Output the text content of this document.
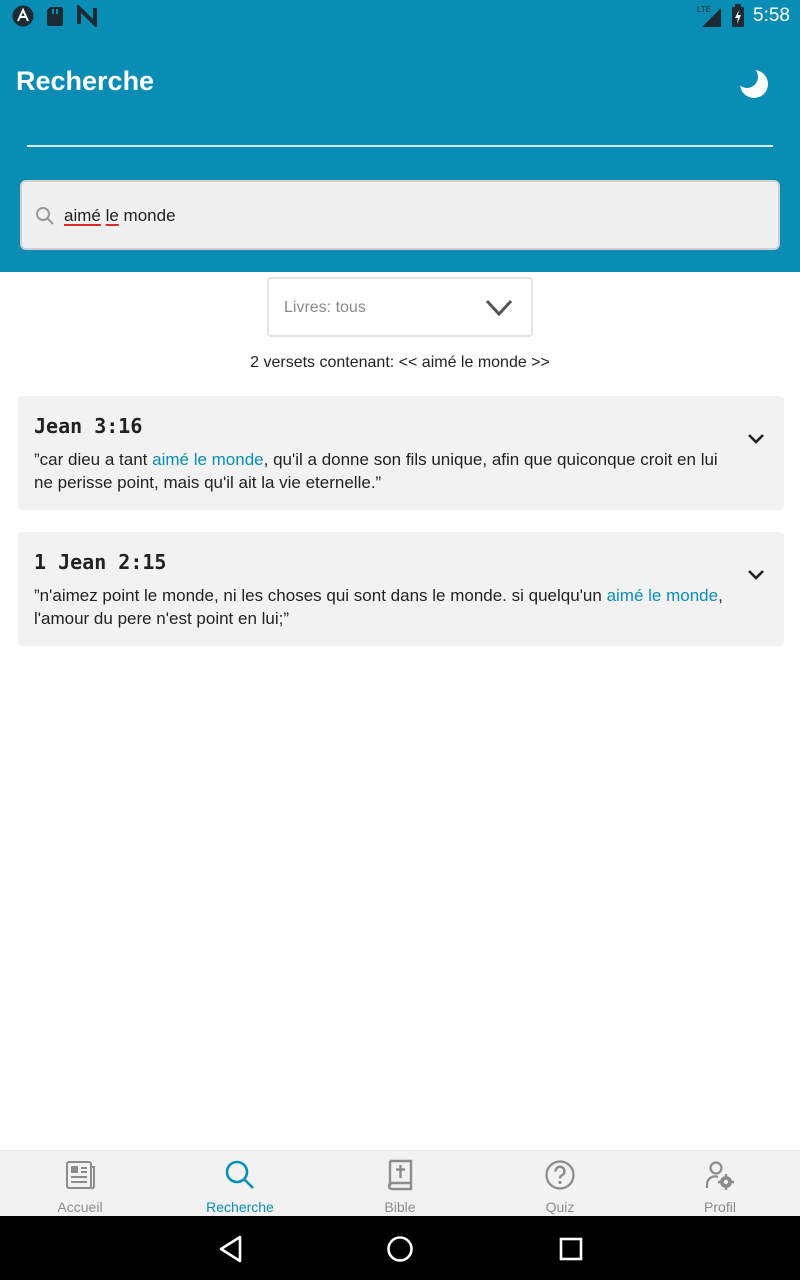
LTE 5:58
Recherche
aimé le monde
Livres: tous
2 versets contenant: << aimé le monde >>
Jean 3:16
”car dieu a tant aimé le monde, qu'il a donne son fils unique, afin que quiconque croit en lui ne perisse point, mais qu'il ait la vie eternelle.”
1 Jean 2:15
”n'aimez point le monde, ni les choses qui sont dans le monde. si quelqu'un aimé le monde, l'amour du pere n'est point en lui;”
Accueil	Recherche	Bible	Quiz	Profil
